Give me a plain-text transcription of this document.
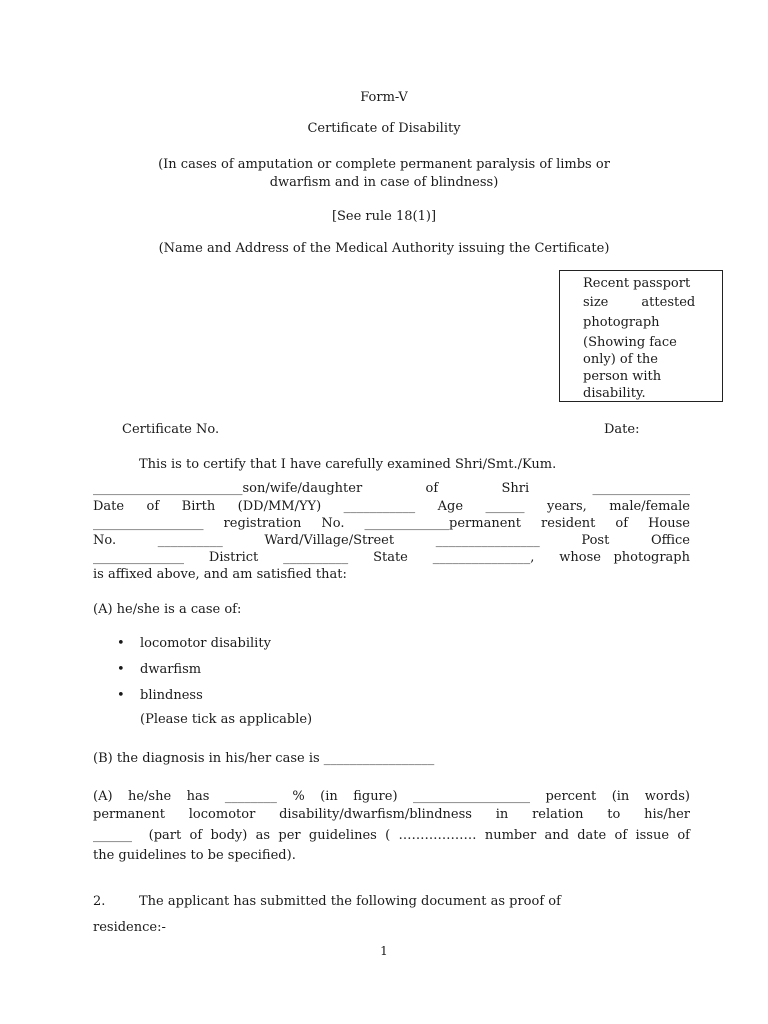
Form-V
Certificate of Disability
(In cases of amputation or complete permanent paralysis of limbs or
dwarfism and in case of blindness)
[See rule 18(1)]
(Name and Address of the Medical Authority issuing the Certificate)
Recent passport
size        attested
photograph
(Showing face
only) of the
person with
disability.
Certificate No.	Date:
This is to certify that I have carefully examined Shri/Smt./Kum.
_______________________son/wife/daughter    of    Shri    _______________
Date  of  Birth  (DD/MM/YY)  ___________  Age  ______  years,  male/female
_________________ registration No. _____________permanent resident of House
No.    __________    Ward/Village/Street    ________________    Post    Office
______________  District  __________  State  _______________,  whose photograph
is affixed above, and am satisfied that:
(A) he/she is a case of:
• locomotor disability
• dwarfism
• blindness
(Please tick as applicable)
(B) the diagnosis in his/her case is _________________
(A)  he/she  has  ________  %  (in  figure)  __________________  percent  (in  words)
permanent  locomotor  disability/dwarfism/blindness  in  relation  to  his/her
______  (part of body) as per guidelines ( ……………… number and date of issue of
the guidelines to be specified).
2.	The applicant has submitted the following document as proof of
residence:-
1
